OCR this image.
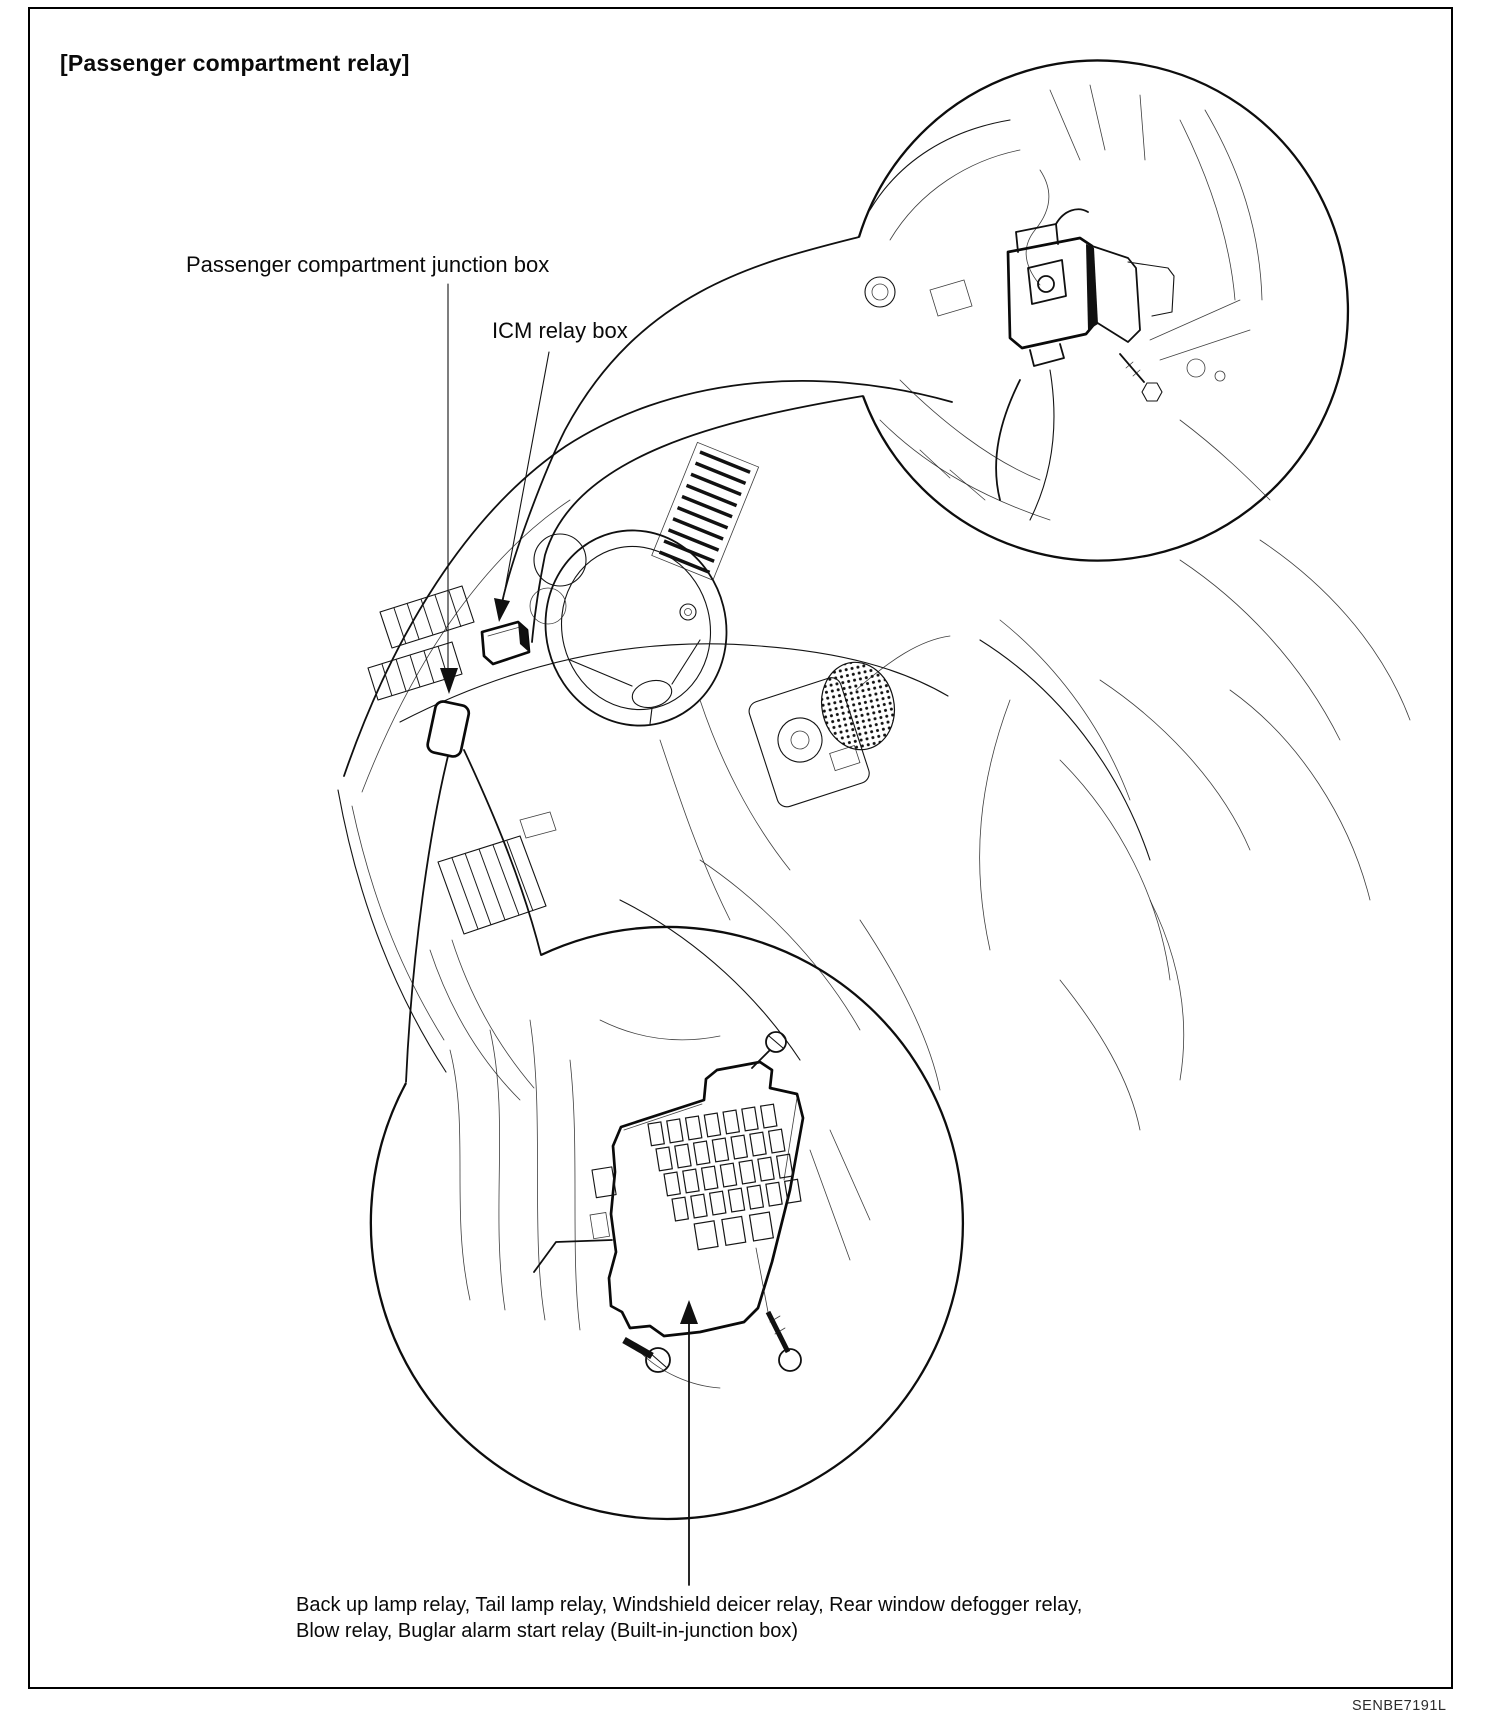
[Passenger compartment relay]
Passenger compartment junction box
ICM relay box
Back up lamp relay, Tail lamp relay, Windshield deicer relay, Rear window defogger relay,
Blow relay, Buglar alarm start relay (Built-in-junction box)
SENBE7191L
